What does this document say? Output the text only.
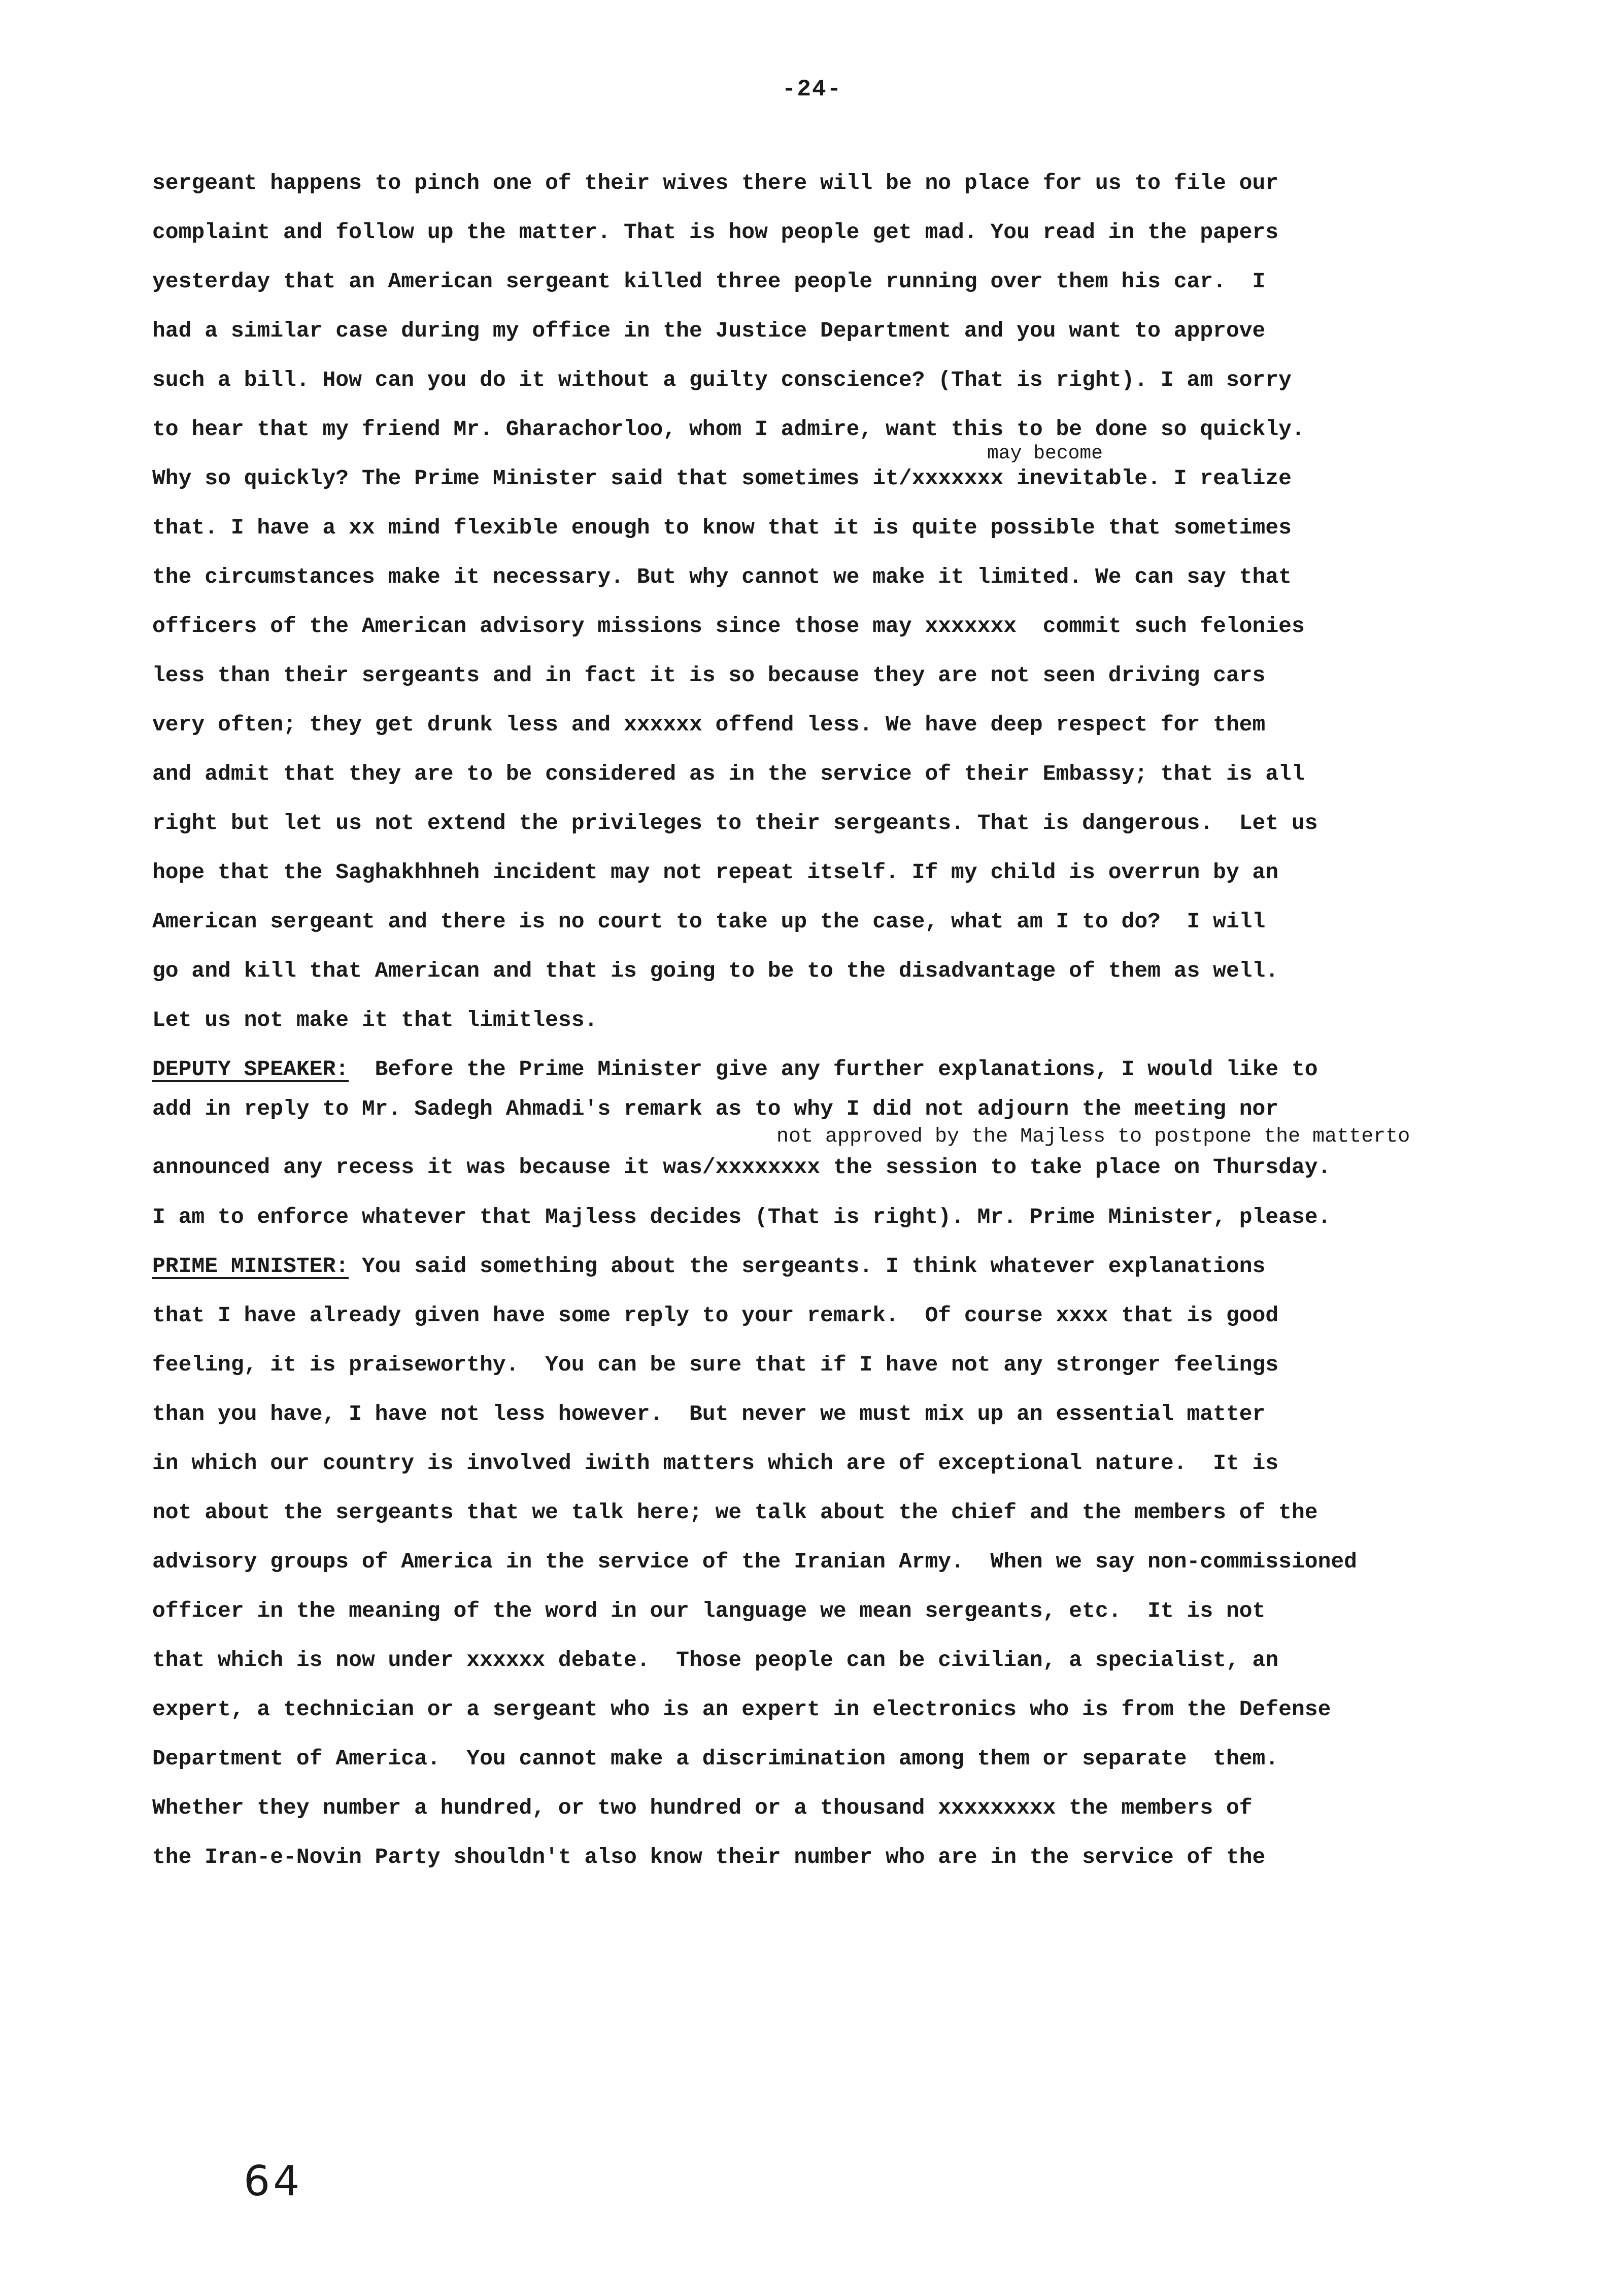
-24-
sergeant happens to pinch one of their wives there will be no place for us to file our
complaint and follow up the matter. That is how people get mad. You read in the papers
yesterday that an American sergeant killed three people running over them his car.  I
had a similar case during my office in the Justice Department and you want to approve
such a bill. How can you do it without a guilty conscience? (That is right). I am sorry
to hear that my friend Mr. Gharachorloo, whom I admire, want this to be done so quickly.
may become
Why so quickly? The Prime Minister said that sometimes it/xxxxxxx inevitable. I realize
that. I have a xx mind flexible enough to know that it is quite possible that sometimes
the circumstances make it necessary. But why cannot we make it limited. We can say that
officers of the American advisory missions since those may xxxxxxx  commit such felonies
less than their sergeants and in fact it is so because they are not seen driving cars
very often; they get drunk less and xxxxxx offend less. We have deep respect for them
and admit that they are to be considered as in the service of their Embassy; that is all
right but let us not extend the privileges to their sergeants. That is dangerous.  Let us
hope that the Saghakhhneh incident may not repeat itself. If my child is overrun by an
American sergeant and there is no court to take up the case, what am I to do?  I will
go and kill that American and that is going to be to the disadvantage of them as well.
Let us not make it that limitless.
DEPUTY SPEAKER:  Before the Prime Minister give any further explanations, I would like to
add in reply to Mr. Sadegh Ahmadi's remark as to why I did not adjourn the meeting nor
not approved by the Majless to postpone the matterto
announced any recess it was because it was/xxxxxxxx the session to take place on Thursday.
I am to enforce whatever that Majless decides (That is right). Mr. Prime Minister, please.
PRIME MINISTER: You said something about the sergeants. I think whatever explanations
that I have already given have some reply to your remark.  Of course xxxx that is good
feeling, it is praiseworthy.  You can be sure that if I have not any stronger feelings
than you have, I have not less however.  But never we must mix up an essential matter
in which our country is involved iwith matters which are of exceptional nature.  It is
not about the sergeants that we talk here; we talk about the chief and the members of the
advisory groups of America in the service of the Iranian Army.  When we say non-commissioned
officer in the meaning of the word in our language we mean sergeants, etc.  It is not
that which is now under xxxxxx debate.  Those people can be civilian, a specialist, an
expert, a technician or a sergeant who is an expert in electronics who is from the Defense
Department of America.  You cannot make a discrimination among them or separate  them.
Whether they number a hundred, or two hundred or a thousand xxxxxxxxx the members of
the Iran-e-Novin Party shouldn't also know their number who are in the service of the
64
